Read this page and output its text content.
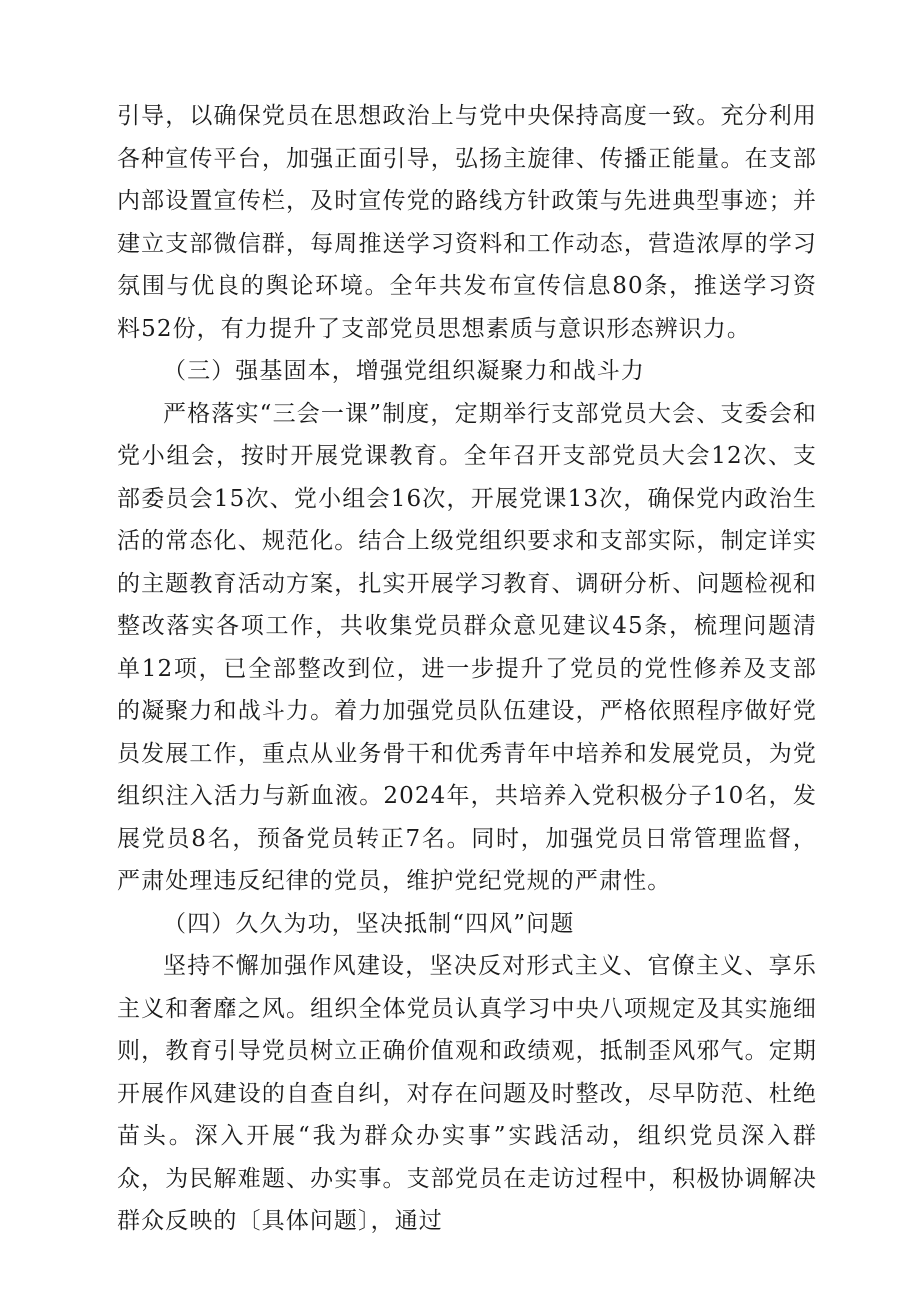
引导，以确保党员在思想政治上与党中央保持高度一致。充分利用各种宣传平台，加强正面引导，弘扬主旋律、传播正能量。在支部内部设置宣传栏，及时宣传党的路线方针政策与先进典型事迹；并建立支部微信群，每周推送学习资料和工作动态，营造浓厚的学习氛围与优良的舆论环境。全年共发布宣传信息80条，推送学习资料52份，有力提升了支部党员思想素质与意识形态辨识力。

（三）强基固本，增强党组织凝聚力和战斗力

严格落实“三会一课”制度，定期举行支部党员大会、支委会和党小组会，按时开展党课教育。全年召开支部党员大会12次、支部委员会15次、党小组会16次，开展党课13次，确保党内政治生活的常态化、规范化。结合上级党组织要求和支部实际，制定详实的主题教育活动方案，扎实开展学习教育、调研分析、问题检视和整改落实各项工作，共收集党员群众意见建议45条，梳理问题清单12项，已全部整改到位，进一步提升了党员的党性修养及支部的凝聚力和战斗力。着力加强党员队伍建设，严格依照程序做好党员发展工作，重点从业务骨干和优秀青年中培养和发展党员，为党组织注入活力与新血液。2024年，共培养入党积极分子10名，发展党员8名，预备党员转正7名。同时，加强党员日常管理监督，严肃处理违反纪律的党员，维护党纪党规的严肃性。

（四）久久为功，坚决抵制“四风”问题

坚持不懈加强作风建设，坚决反对形式主义、官僚主义、享乐主义和奢靡之风。组织全体党员认真学习中央八项规定及其实施细则，教育引导党员树立正确价值观和政绩观，抵制歪风邪气。定期开展作风建设的自查自纠，对存在问题及时整改，尽早防范、杜绝苗头。深入开展“我为群众办实事”实践活动，组织党员深入群众，为民解难题、办实事。支部党员在走访过程中，积极协调解决群众反映的〔具体问题〕，通过
